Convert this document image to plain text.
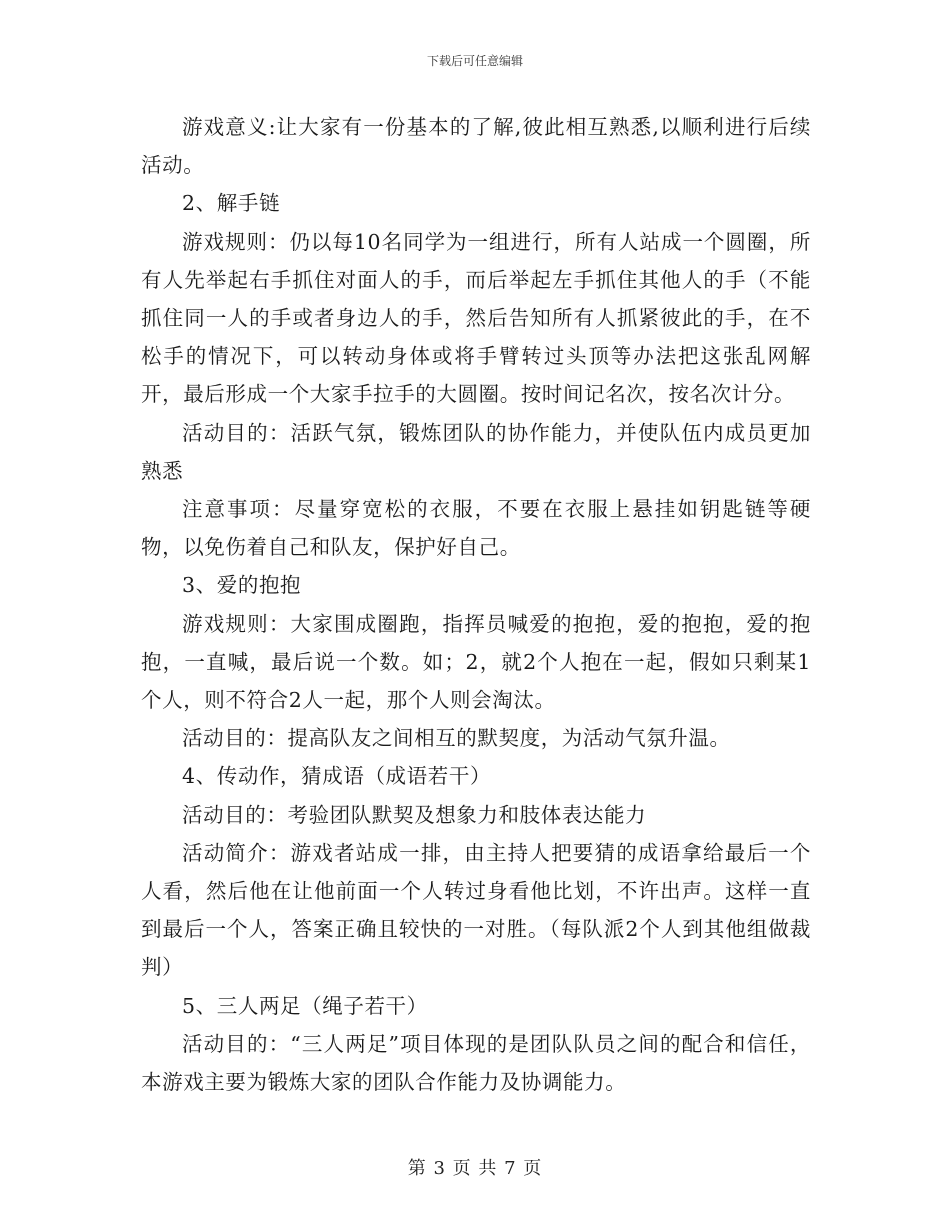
下载后可任意编辑

游戏意义:让大家有一份基本的了解,彼此相互熟悉,以顺利进行后续活动。

2、解手链

游戏规则：仍以每10名同学为一组进行，所有人站成一个圆圈，所有人先举起右手抓住对面人的手，而后举起左手抓住其他人的手（不能抓住同一人的手或者身边人的手，然后告知所有人抓紧彼此的手，在不松手的情况下，可以转动身体或将手臂转过头顶等办法把这张乱网解开，最后形成一个大家手拉手的大圆圈。按时间记名次，按名次计分。

活动目的：活跃气氛，锻炼团队的协作能力，并使队伍内成员更加熟悉

注意事项：尽量穿宽松的衣服，不要在衣服上悬挂如钥匙链等硬物，以免伤着自己和队友，保护好自己。

3、爱的抱抱

游戏规则：大家围成圈跑，指挥员喊爱的抱抱，爱的抱抱，爱的抱抱，一直喊，最后说一个数。如；2，就2个人抱在一起，假如只剩某1个人，则不符合2人一起，那个人则会淘汰。

活动目的：提高队友之间相互的默契度，为活动气氛升温。

4、传动作，猜成语（成语若干）

活动目的：考验团队默契及想象力和肢体表达能力

活动简介：游戏者站成一排，由主持人把要猜的成语拿给最后一个人看，然后他在让他前面一个人转过身看他比划，不许出声。这样一直到最后一个人，答案正确且较快的一对胜。（每队派2个人到其他组做裁判）

5、三人两足（绳子若干）

活动目的：“三人两足”项目体现的是团队队员之间的配合和信任，本游戏主要为锻炼大家的团队合作能力及协调能力。

第 3 页 共 7 页
